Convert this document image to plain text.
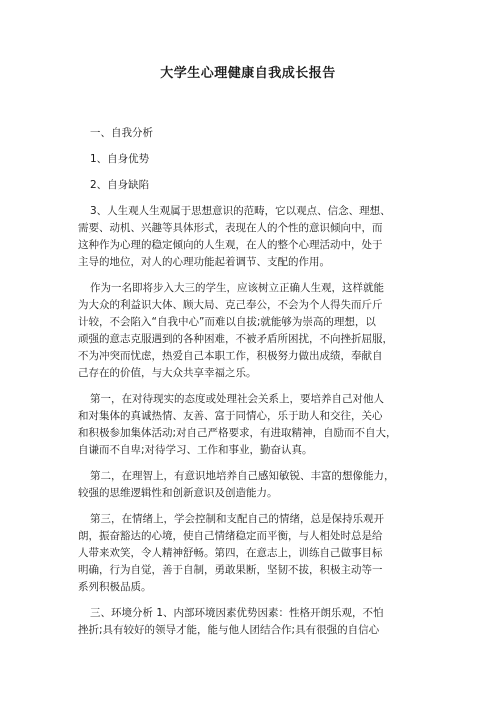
大学生心理健康自我成长报告
一、自我分析
1、自身优势
2、自身缺陷
3、人生观人生观属于思想意识的范畴，它以观点、信念、理想、
需要、动机、兴趣等具体形式，表现在人的个性的意识倾向中，而
这种作为心理的稳定倾向的人生观，在人的整个心理活动中，处于
主导的地位，对人的心理功能起着调节、支配的作用。
作为一名即将步入大三的学生，应该树立正确人生观，这样就能
为大众的利益识大体、顾大局、克己奉公，不会为个人得失而斤斤
计较，不会陷入“自我中心”而难以自拔;就能够为崇高的理想，以
顽强的意志克服遇到的各种困难，不被矛盾所困扰，不向挫折屈服，
不为冲突而忧虑，热爱自己本职工作，积极努力做出成绩，奉献自
己存在的价值，与大众共享幸福之乐。
第一，在对待现实的态度或处理社会关系上，要培养自己对他人
和对集体的真诚热情、友善、富于同情心，乐于助人和交往，关心
和积极参加集体活动;对自己严格要求，有进取精神，自励而不自大，
自谦而不自卑;对待学习、工作和事业，勤奋认真。
第二，在理智上，有意识地培养自己感知敏锐、丰富的想像能力，
较强的思维逻辑性和创新意识及创造能力。
第三，在情绪上，学会控制和支配自己的情绪，总是保持乐观开
朗，振奋豁达的心境，使自己情绪稳定而平衡，与人相处时总是给
人带来欢笑，令人精神舒畅。第四，在意志上，训练自己做事目标
明确，行为自觉，善于自制，勇敢果断，坚韧不拔，积极主动等一
系列积极品质。
三、环境分析 1、内部环境因素优势因素：性格开朗乐观，不怕
挫折;具有较好的领导才能，能与他人团结合作;具有很强的自信心
